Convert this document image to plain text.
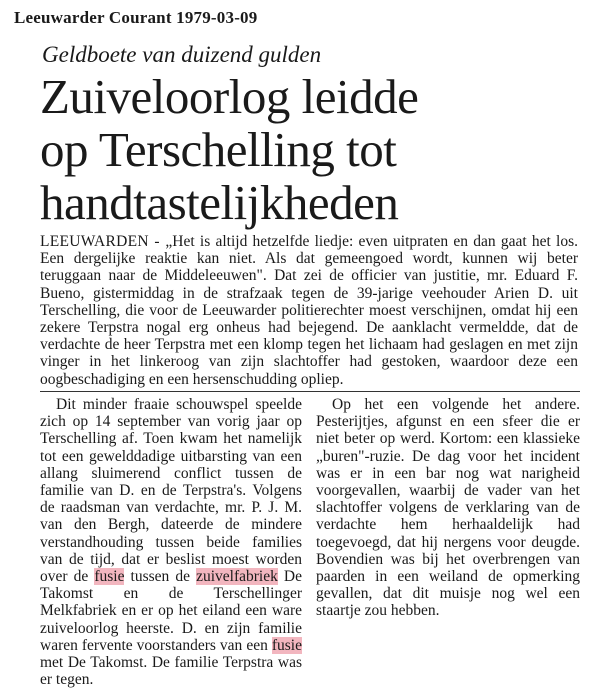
Leeuwarder Courant 1979-03-09
Geldboete van duizend gulden
Zuiveloorlog leidde
op Terschelling tot
handtastelijkheden

LEEUWARDEN - „Het is altijd hetzelfde liedje: even uitpraten en dan gaat het los. Een dergelijke reaktie kan niet. Als dat gemeengoed wordt, kunnen wij beter teruggaan naar de Middeleeuwen". Dat zei de officier van justitie, mr. Eduard F. Bueno, gistermiddag in de strafzaak tegen de 39-jarige veehouder Arien D. uit Terschelling, die voor de Leeuwarder politierechter moest verschijnen, omdat hij een zekere Terpstra nogal erg onheus had bejegend. De aanklacht vermeldde, dat de verdachte de heer Terpstra met een klomp tegen het lichaam had geslagen en met zijn vinger in het linkeroog van zijn slachtoffer had gestoken, waardoor deze een oogbeschadiging en een hersenschudding opliep.

Dit minder fraaie schouwspel speelde zich op 14 september van vorig jaar op Terschelling af. Toen kwam het namelijk tot een gewelddadige uitbarsting van een allang sluimerend conflict tussen de familie van D. en de Terpstra's. Volgens de raadsman van verdachte, mr. P. J. M. van den Bergh, dateerde de mindere verstandhouding tussen beide families van de tijd, dat er beslist moest worden over de fusie tussen de zuivelfabriek De Takomst en de Terschellinger Melkfabriek en er op het eiland een ware zuiveloorlog heerste. D. en zijn familie waren fervente voorstanders van een fusie met De Takomst. De familie Terpstra was er tegen.

Op het een volgende het andere. Pesterijtjes, afgunst en een sfeer die er niet beter op werd. Kortom: een klassieke „buren"-ruzie. De dag voor het incident was er in een bar nog wat narigheid voorgevallen, waarbij de vader van het slachtoffer volgens de verklaring van de verdachte hem herhaaldelijk had toegevoegd, dat hij nergens voor deugde. Bovendien was bij het overbrengen van paarden in een weiland de opmerking gevallen, dat dit muisje nog wel een staartje zou hebben.
